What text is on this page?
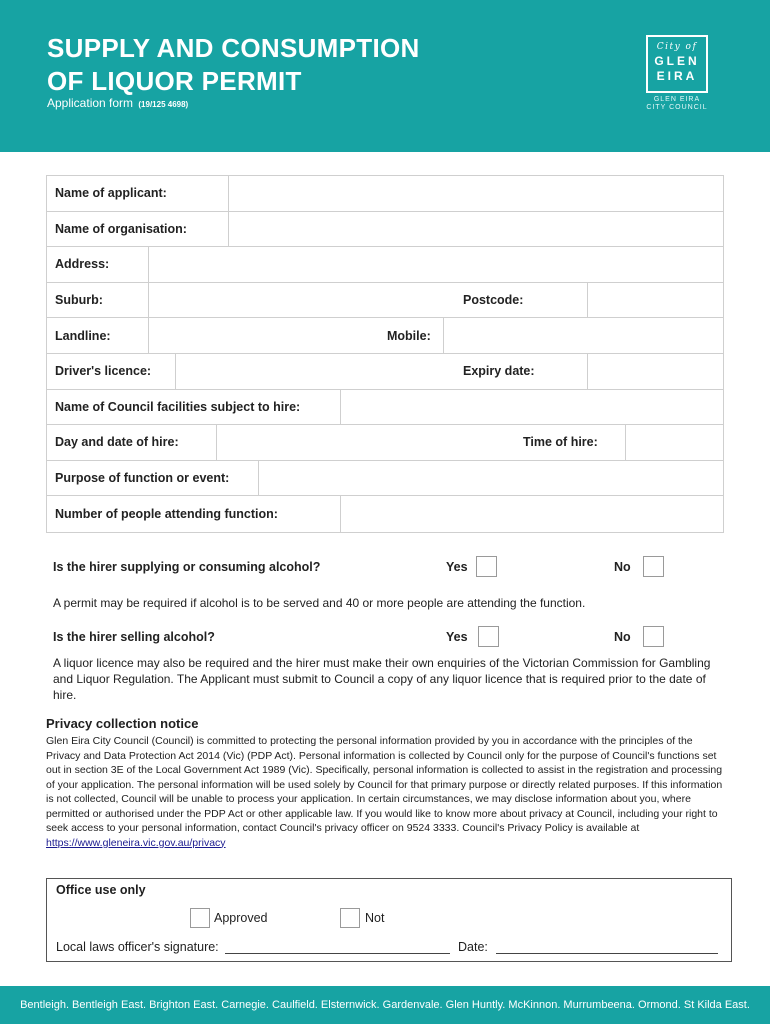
SUPPLY AND CONSUMPTION
OF LIQUOR PERMIT
Application form (19/125 4698)
City of
GLEN
EIRA
GLEN EIRA
CITY COUNCIL
Name of applicant:
Name of organisation:
Address:
Suburb:	Postcode:
Landline:	Mobile:
Driver's licence:	Expiry date:
Name of Council facilities subject to hire:
Day and date of hire:	Time of hire:
Purpose of function or event:
Number of people attending function:
Is the hirer supplying or consuming alcohol?	Yes	No
A permit may be required if alcohol is to be served and 40 or more people are attending the function.
Is the hirer selling alcohol?	Yes	No
A liquor licence may also be required and the hirer must make their own enquiries of the Victorian Commission for Gambling and Liquor Regulation. The Applicant must submit to Council a copy of any liquor licence that is required prior to the date of hire.
Privacy collection notice
Glen Eira City Council (Council) is committed to protecting the personal information provided by you in accordance with the principles of the Privacy and Data Protection Act 2014 (Vic) (PDP Act). Personal information is collected by Council only for the purpose of Council's functions set out in section 3E of the Local Government Act 1989 (Vic). Specifically, personal information is collected to assist in the registration and processing of your application. The personal information will be used solely by Council for that primary purpose or directly related purposes. If this information is not collected, Council will be unable to process your application. In certain circumstances, we may disclose information about you, where permitted or authorised under the PDP Act or other applicable law. If you would like to know more about privacy at Council, including your right to seek access to your personal information, contact Council's privacy officer on 9524 3333. Council's Privacy Policy is available at https://www.gleneira.vic.gov.au/privacy
Office use only
Approved	Not
Local laws officer's signature:	Date:
Bentleigh. Bentleigh East. Brighton East. Carnegie. Caulfield. Elsternwick. Gardenvale. Glen Huntly. McKinnon. Murrumbeena. Ormond. St Kilda East.
